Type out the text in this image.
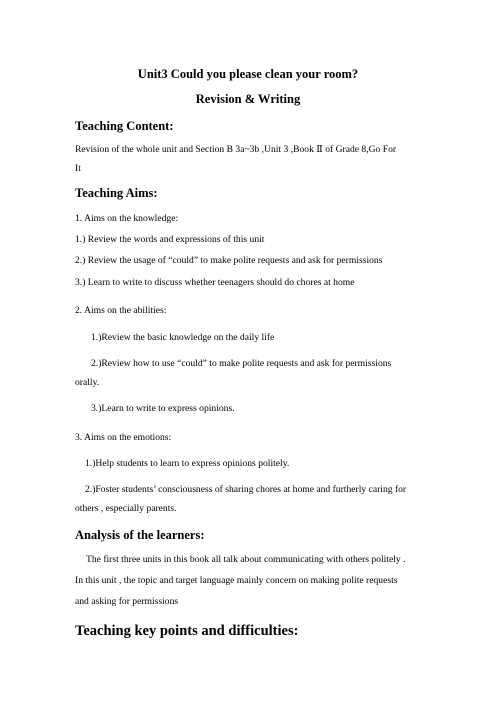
Unit3 Could you please clean your room?
Revision & Writing
Teaching Content:
Revision of the whole unit and Section B 3a~3b ,Unit 3 ,Book Ⅱ of Grade 8,Go For
It
Teaching Aims:
1. Aims on the knowledge:
1.) Review the words and expressions of this unit
2.) Review the usage of “could” to make polite requests and ask for permissions
3.) Learn to write to discuss whether teenagers should do chores at home
2. Aims on the abilities:
1.)Review the basic knowledge on the daily life
2.)Review how to use “could” to make polite requests and ask for permissions
orally.
3.)Learn to write to express opinions.
3. Aims on the emotions:
1.)Help students to learn to express opinions politely.
2.)Foster students’ consciousness of sharing chores at home and furtherly caring for
others , especially parents.
Analysis of the learners:
The first three units in this book all talk about communicating with others politely .
In this unit , the topic and target language mainly concern on making polite requests
and asking for permissions
Teaching key points and difficulties:
